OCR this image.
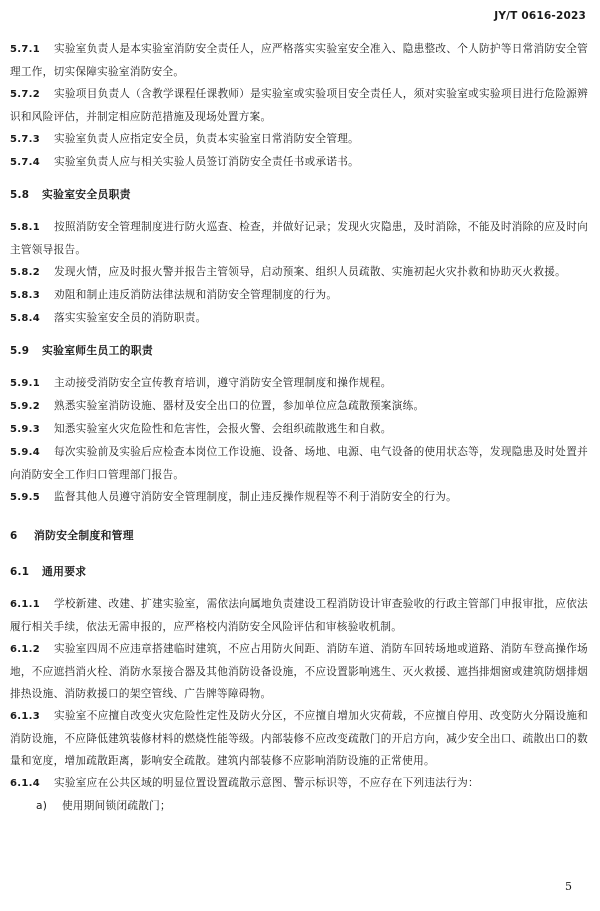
JY/T 0616-2023

5.7.1 实验室负责人是本实验室消防安全责任人，应严格落实实验室安全准入、隐患整改、个人防护等日常消防安全管理工作，切实保障实验室消防安全。

5.7.2 实验项目负责人（含教学课程任课教师）是实验室或实验项目安全责任人，须对实验室或实验项目进行危险源辨识和风险评估，并制定相应防范措施及现场处置方案。

5.7.3 实验室负责人应指定安全员，负责本实验室日常消防安全管理。

5.7.4 实验室负责人应与相关实验人员签订消防安全责任书或承诺书。

5.8 实验室安全员职责

5.8.1 按照消防安全管理制度进行防火巡查、检查，并做好记录；发现火灾隐患，及时消除，不能及时消除的应及时向主管领导报告。

5.8.2 发现火情，应及时报火警并报告主管领导，启动预案、组织人员疏散、实施初起火灾扑救和协助灭火救援。

5.8.3 劝阻和制止违反消防法律法规和消防安全管理制度的行为。

5.8.4 落实实验室安全员的消防职责。

5.9 实验室师生员工的职责

5.9.1 主动接受消防安全宣传教育培训，遵守消防安全管理制度和操作规程。

5.9.2 熟悉实验室消防设施、器材及安全出口的位置，参加单位应急疏散预案演练。

5.9.3 知悉实验室火灾危险性和危害性，会报火警、会组织疏散逃生和自救。

5.9.4 每次实验前及实验后应检查本岗位工作设施、设备、场地、电源、电气设备的使用状态等，发现隐患及时处置并向消防安全工作归口管理部门报告。

5.9.5 监督其他人员遵守消防安全管理制度，制止违反操作规程等不利于消防安全的行为。

6 消防安全制度和管理

6.1 通用要求

6.1.1 学校新建、改建、扩建实验室，需依法向属地负责建设工程消防设计审查验收的行政主管部门申报审批，应依法履行相关手续，依法无需申报的，应严格校内消防安全风险评估和审核验收机制。

6.1.2 实验室四周不应违章搭建临时建筑，不应占用防火间距、消防车道、消防车回转场地或道路、消防车登高操作场地，不应遮挡消火栓、消防水泵接合器及其他消防设备设施，不应设置影响逃生、灭火救援、遮挡排烟窗或建筑防烟排烟排热设施、消防救援口的架空管线、广告牌等障碍物。

6.1.3 实验室不应擅自改变火灾危险性定性及防火分区，不应擅自增加火灾荷载，不应擅自停用、改变防火分隔设施和消防设施，不应降低建筑装修材料的燃烧性能等级。内部装修不应改变疏散门的开启方向，减少安全出口、疏散出口的数量和宽度，增加疏散距离，影响安全疏散。建筑内部装修不应影响消防设施的正常使用。

6.1.4 实验室应在公共区域的明显位置设置疏散示意图、警示标识等，不应存在下列违法行为：

a) 使用期间锁闭疏散门；

5
